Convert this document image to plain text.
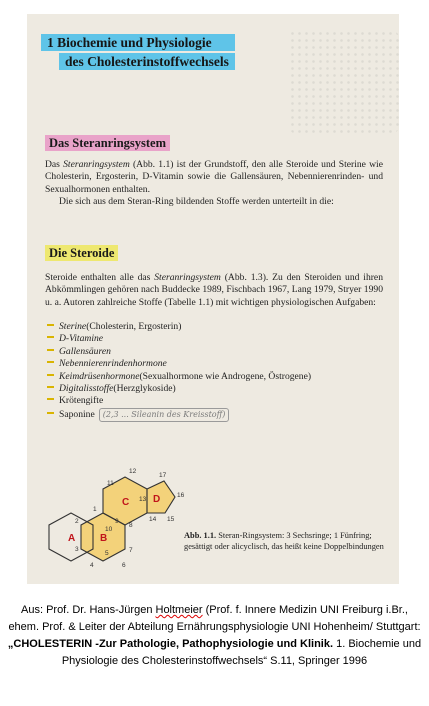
1 Biochemie und Physiologie
des Cholesterinstoffwechsels
Das Steranringsystem
Das Steranringsystem (Abb. 1.1) ist der Grundstoff, den alle Steroide und Sterine wie Cholesterin, Ergosterin, D-Vitamin sowie die Gallensäuren, Nebennierenrinden- und Sexualhormonen enthalten.
Die sich aus dem Steran-Ring bildenden Stoffe werden unterteilt in die:
Die Steroide
Steroide enthalten alle das Steranringsystem (Abb. 1.3). Zu den Steroiden und ihren Abkömmlingen gehören nach Buddecke 1989, Fischbach 1967, Lang 1979, Stryer 1990 u. a. Autoren zahlreiche Stoffe (Tabelle 1.1) mit wichtigen physiologischen Aufgaben:
Sterine (Cholesterin, Ergosterin)
D-Vitamine
Gallensäuren
Nebennierenrindenhormone
Keimdrüsenhormone (Sexualhormone wie Androgene, Östrogene)
Digitalisstoffe (Herzglykoside)
Krötengifte
Saponine	(2,3 ... Sileanin des Kreisstoff)
A B
C D
1
2
3
4
5
6
7
8
9
10
11
12
13
14 15
16
17
Abb. 1.1. Steran-Ringsystem: 3 Sechsringe; 1 Fünfring; gesättigt oder alicyclisch, das heißt keine Doppelbindungen
Aus: Prof. Dr. Hans-Jürgen Holtmeier (Prof. f. Innere Medizin UNI Freiburg i.Br., ehem. Prof. & Leiter der Abteilung Ernährungsphysiologie UNI Hohenheim/ Stuttgart: „CHOLESTERIN -Zur Pathologie, Pathophysiologie und Klinik. 1. Biochemie und Physiologie des Cholesterinstoffwechsels“ S.11, Springer 1996
